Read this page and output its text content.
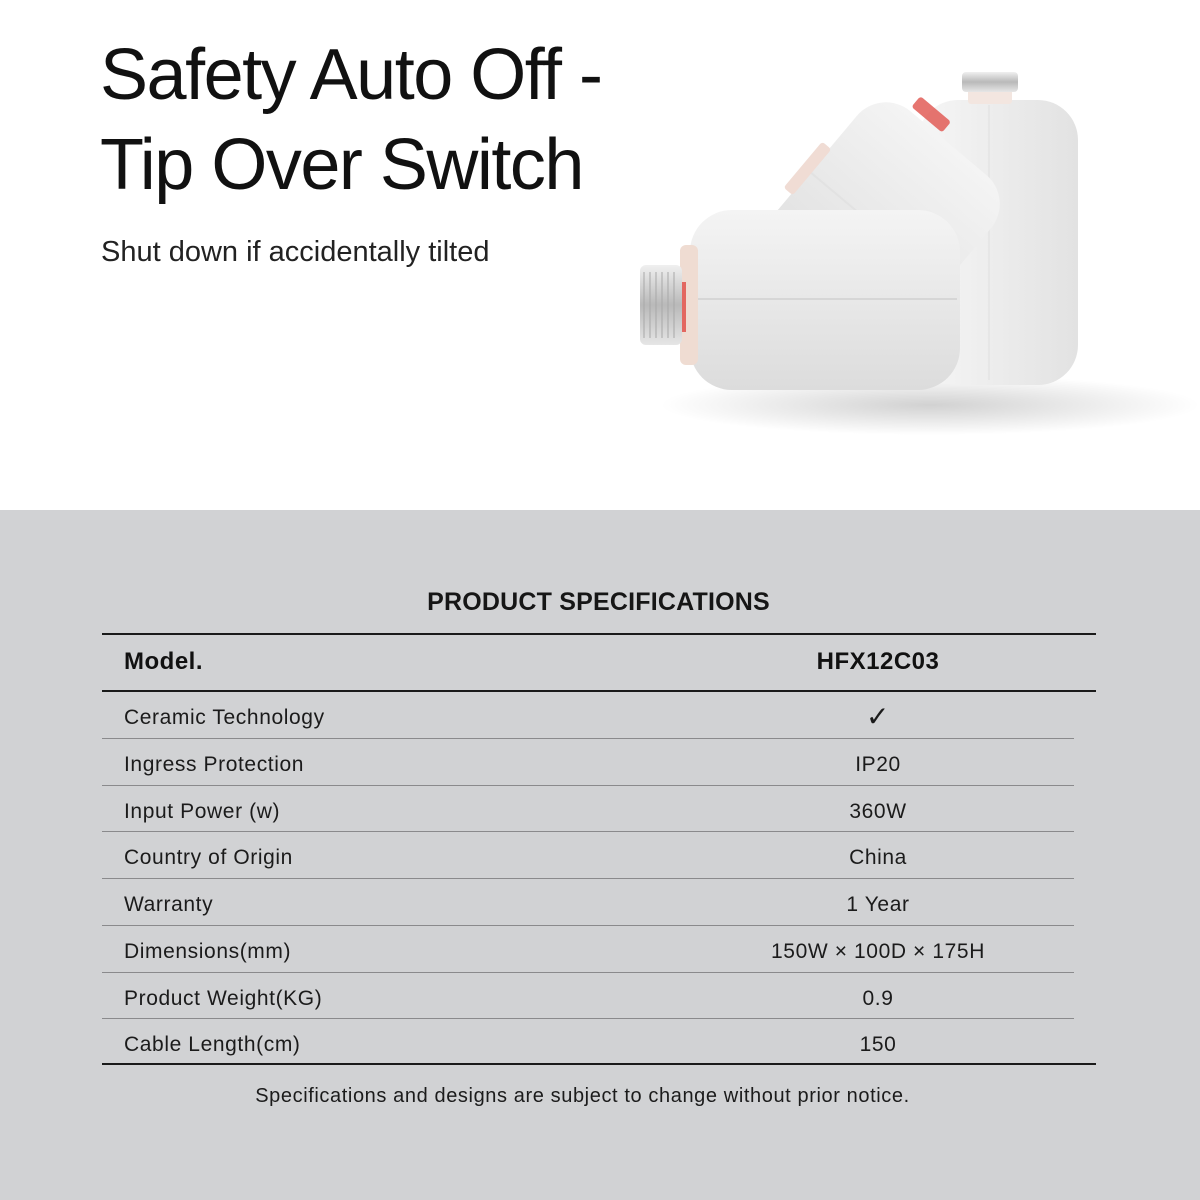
Safety Auto Off -
Tip Over Switch

Shut down if accidentally tilted

PRODUCT SPECIFICATIONS
Model.	HFX12C03
Ceramic Technology	✓
Ingress Protection	IP20
Input Power (w)	360W
Country of Origin	China
Warranty	1 Year
Dimensions(mm)	150W × 100D × 175H
Product Weight(KG)	0.9
Cable Length(cm)	150

Specifications and designs are subject to change without prior notice.
